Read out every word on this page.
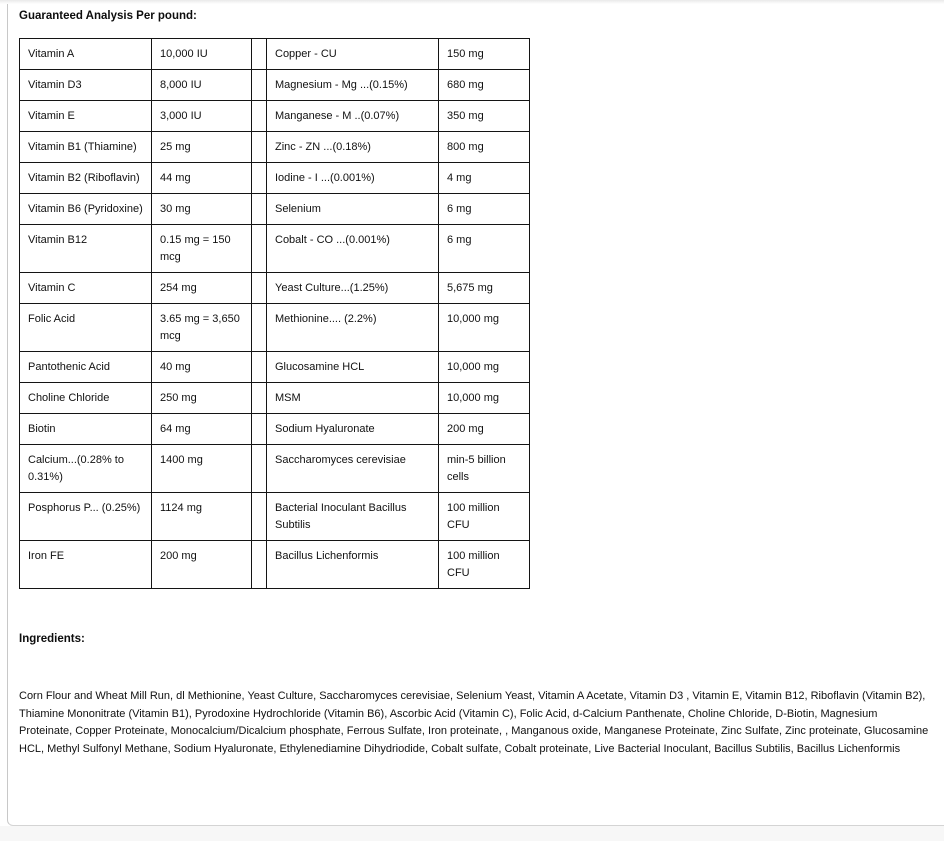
Guaranteed Analysis Per pound:
Vitamin A	10,000 IU		Copper - CU	150 mg
Vitamin D3	8,000 IU		Magnesium - Mg ...(0.15%)	680 mg
Vitamin E	3,000 IU		Manganese - M ..(0.07%)	350 mg
Vitamin B1 (Thiamine)	25 mg		Zinc - ZN ...(0.18%)	800 mg
Vitamin B2 (Riboflavin)	44 mg		Iodine - I ...(0.001%)	4 mg
Vitamin B6 (Pyridoxine)	30 mg		Selenium	6 mg
Vitamin B12	0.15 mg = 150 mcg		Cobalt - CO ...(0.001%)	6 mg
Vitamin C	254 mg		Yeast Culture...(1.25%)	5,675 mg
Folic Acid	3.65 mg = 3,650 mcg		Methionine.... (2.2%)	10,000 mg
Pantothenic Acid	40 mg		Glucosamine HCL	10,000 mg
Choline Chloride	250 mg		MSM	10,000 mg
Biotin	64 mg		Sodium Hyaluronate	200 mg
Calcium...(0.28% to 0.31%)	1400 mg		Saccharomyces cerevisiae	min-5 billion cells
Posphorus P... (0.25%)	1124 mg		Bacterial Inoculant Bacillus Subtilis	100 million CFU
Iron FE	200 mg		Bacillus Lichenformis	100 million CFU
Ingredients:

Corn Flour and Wheat Mill Run, dl Methionine, Yeast Culture, Saccharomyces cerevisiae, Selenium Yeast, Vitamin A Acetate, Vitamin D3 , Vitamin E, Vitamin B12, Riboflavin (Vitamin B2), Thiamine Mononitrate (Vitamin B1), Pyrodoxine Hydrochloride (Vitamin B6), Ascorbic Acid (Vitamin C), Folic Acid, d-Calcium Panthenate, Choline Chloride, D-Biotin, Magnesium Proteinate, Copper Proteinate, Monocalcium/Dicalcium phosphate, Ferrous Sulfate, Iron proteinate, , Manganous oxide, Manganese Proteinate, Zinc Sulfate, Zinc proteinate, Glucosamine HCL, Methyl Sulfonyl Methane, Sodium Hyaluronate, Ethylenediamine Dihydriodide, Cobalt sulfate, Cobalt proteinate, Live Bacterial Inoculant, Bacillus Subtilis, Bacillus Lichenformis
